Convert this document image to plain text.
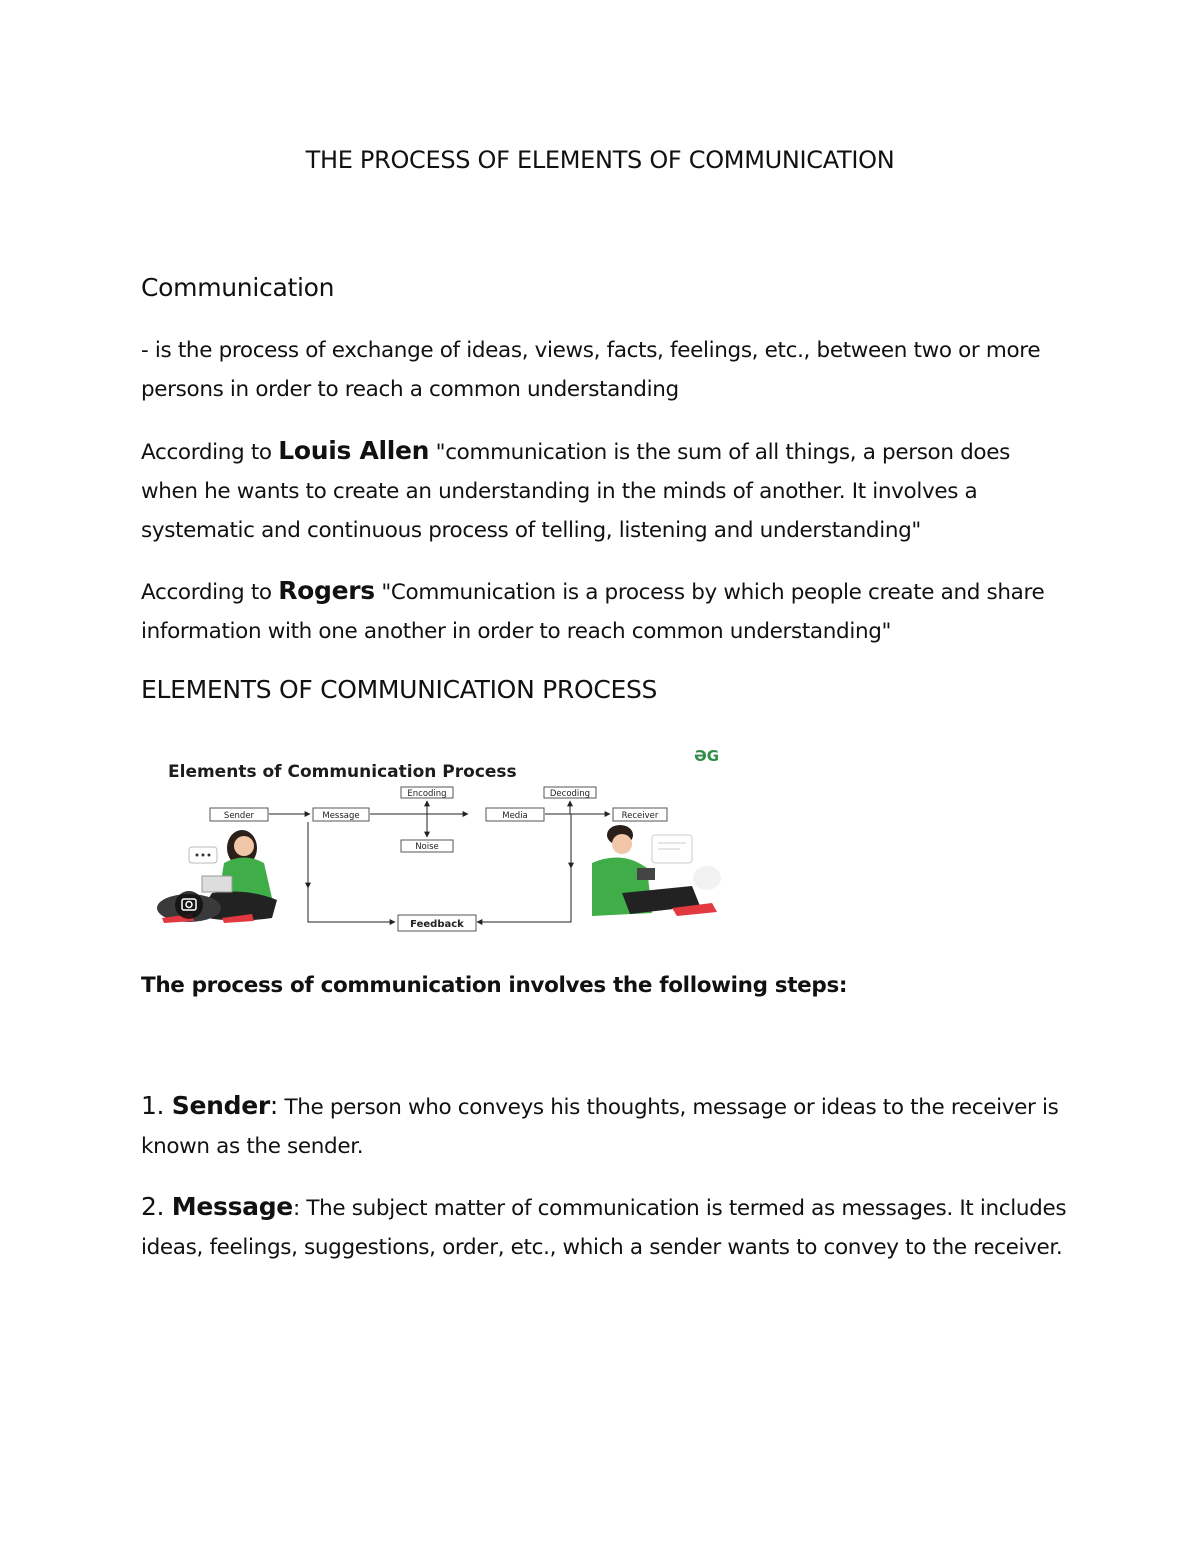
THE PROCESS OF ELEMENTS OF COMMUNICATION
Communication

- is the process of exchange of ideas, views, facts, feelings, etc., between two or more persons in order to reach a common understanding

According to Louis Allen "communication is the sum of all things, a person does when he wants to create an understanding in the minds of another. It involves a systematic and continuous process of telling, listening and understanding"

According to Rogers "Communication is a process by which people create and share information with one another in order to reach common understanding"

ELEMENTS OF COMMUNICATION PROCESS
Elements of Communication Process
ƏG
Sender	Message
Encoding
Noise
Media
Decoding
Receiver
Feedback

The process of communication involves the following steps:

1. Sender: The person who conveys his thoughts, message or ideas to the receiver is known as the sender.

2. Message: The subject matter of communication is termed as messages. It includes ideas, feelings, suggestions, order, etc., which a sender wants to convey to the receiver.
